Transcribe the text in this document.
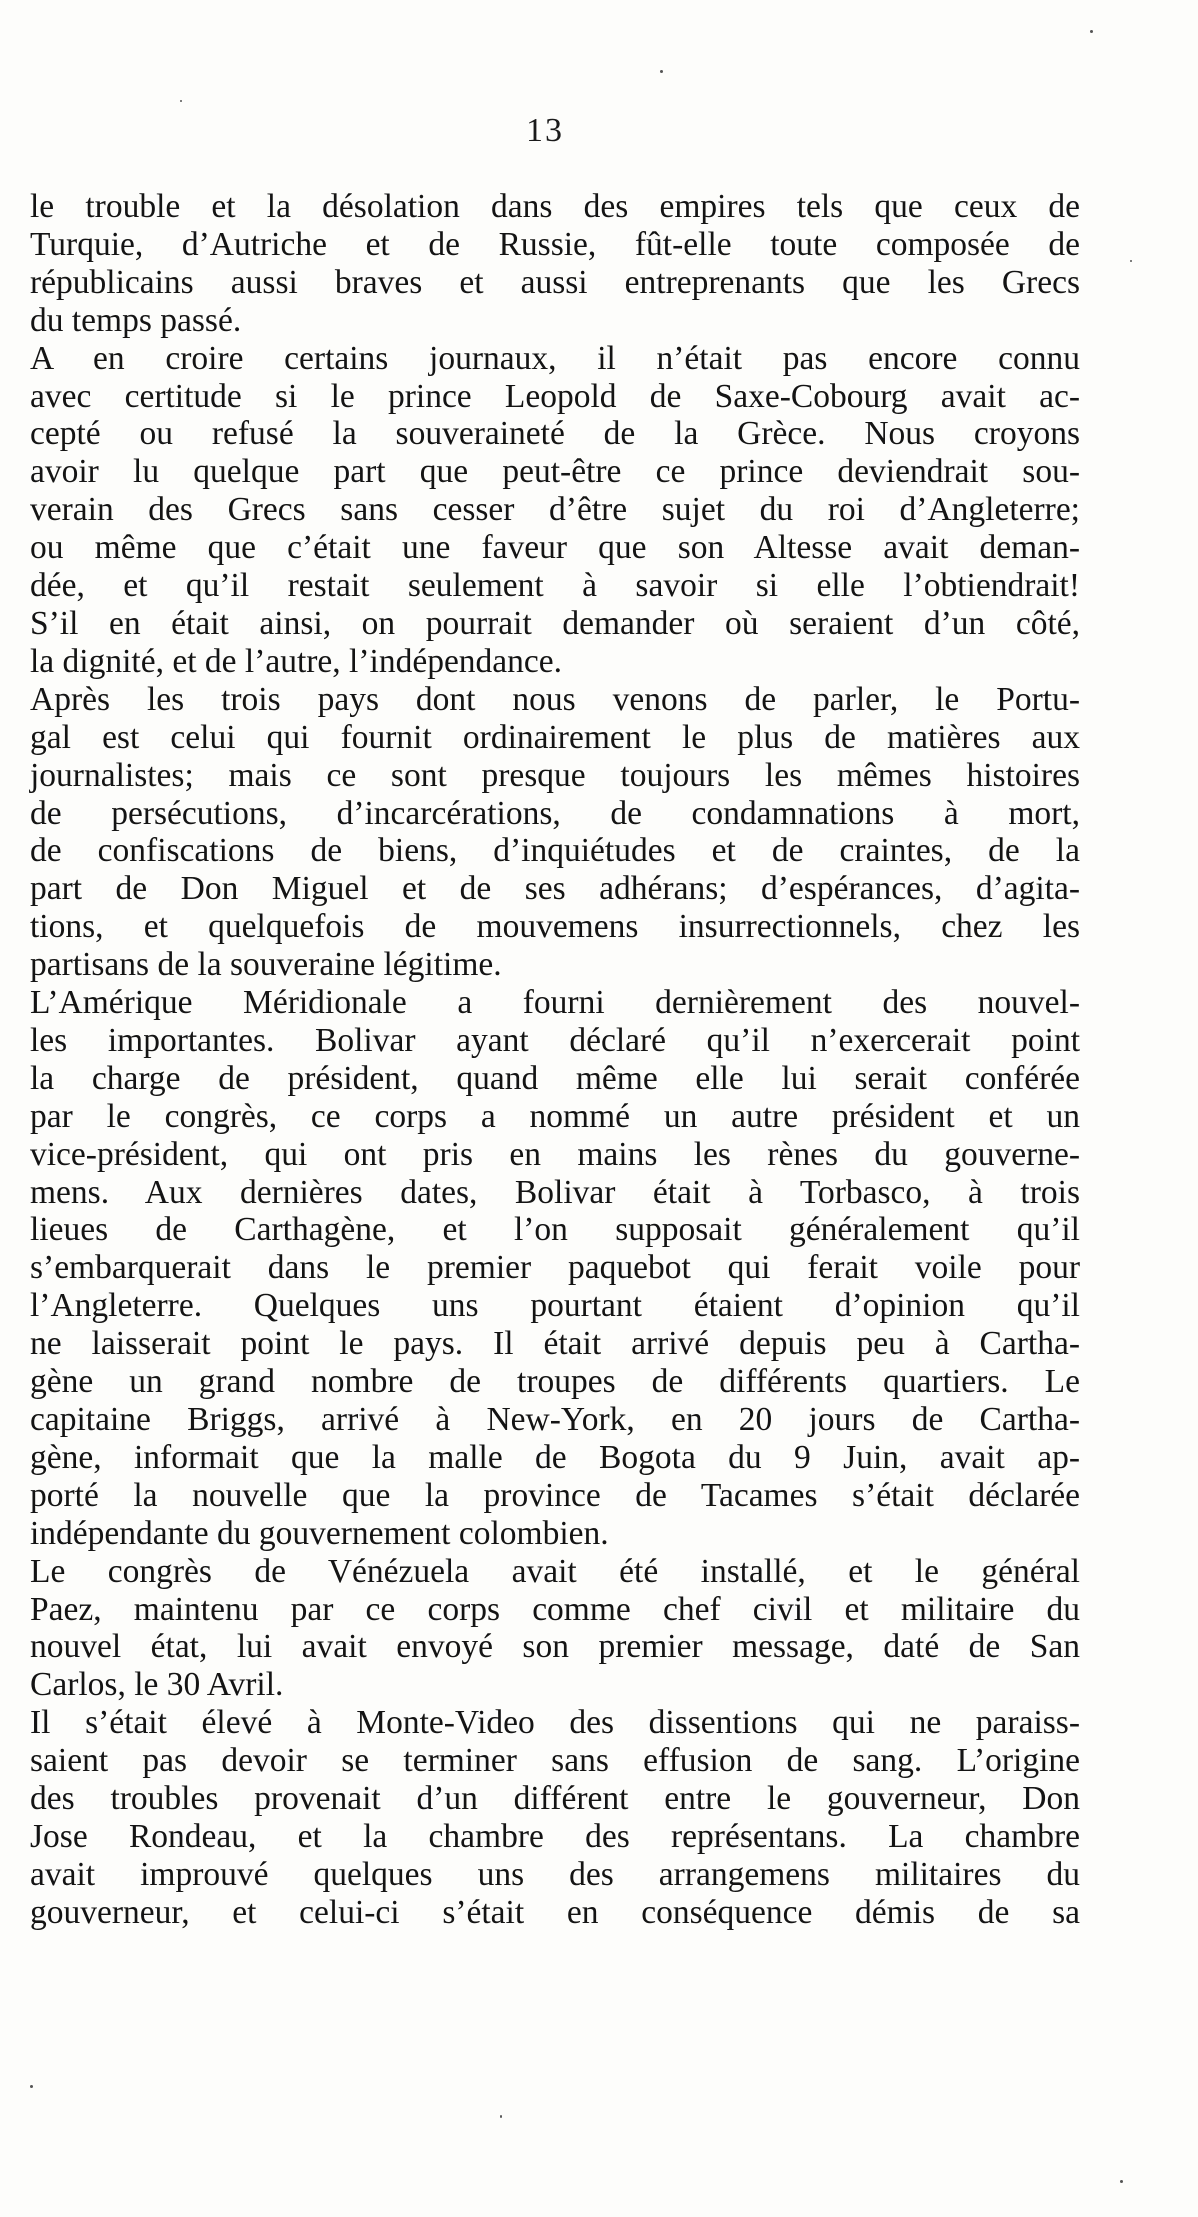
13
le trouble et la désolation dans des empires tels que ceux de
Turquie, d’Autriche et de Russie, fût-elle toute composée de
républicains aussi braves et aussi entreprenants que les Grecs
du temps passé.
A en croire certains journaux, il n’était pas encore connu
avec certitude si le prince Leopold de Saxe-Cobourg avait ac-
cepté ou refusé la souveraineté de la Grèce. Nous croyons
avoir lu quelque part que peut-être ce prince deviendrait sou-
verain des Grecs sans cesser d’être sujet du roi d’Angleterre;
ou même que c’était une faveur que son Altesse avait deman-
dée, et qu’il restait seulement à savoir si elle l’obtiendrait!
S’il en était ainsi, on pourrait demander où seraient d’un côté,
la dignité, et de l’autre, l’indépendance.
Après les trois pays dont nous venons de parler, le Portu-
gal est celui qui fournit ordinairement le plus de matières aux
journalistes; mais ce sont presque toujours les mêmes histoires
de persécutions, d’incarcérations, de condamnations à mort,
de confiscations de biens, d’inquiétudes et de craintes, de la
part de Don Miguel et de ses adhérans; d’espérances, d’agita-
tions, et quelquefois de mouvemens insurrectionnels, chez les
partisans de la souveraine légitime.
L’Amérique Méridionale a fourni dernièrement des nouvel-
les importantes. Bolivar ayant déclaré qu’il n’exercerait point
la charge de président, quand même elle lui serait conférée
par le congrès, ce corps a nommé un autre président et un
vice-président, qui ont pris en mains les rènes du gouverne-
mens. Aux dernières dates, Bolivar était à Torbasco, à trois
lieues de Carthagène, et l’on supposait généralement qu’il
s’embarquerait dans le premier paquebot qui ferait voile pour
l’Angleterre. Quelques uns pourtant étaient d’opinion qu’il
ne laisserait point le pays. Il était arrivé depuis peu à Cartha-
gène un grand nombre de troupes de différents quartiers. Le
capitaine Briggs, arrivé à New-York, en 20 jours de Cartha-
gène, informait que la malle de Bogota du 9 Juin, avait ap-
porté la nouvelle que la province de Tacames s’était déclarée
indépendante du gouvernement colombien.
Le congrès de Vénézuela avait été installé, et le général
Paez, maintenu par ce corps comme chef civil et militaire du
nouvel état, lui avait envoyé son premier message, daté de San
Carlos, le 30 Avril.
Il s’était élevé à Monte-Video des dissentions qui ne paraiss-
saient pas devoir se terminer sans effusion de sang. L’origine
des troubles provenait d’un différent entre le gouverneur, Don
Jose Rondeau, et la chambre des représentans. La chambre
avait improuvé quelques uns des arrangemens militaires du
gouverneur, et celui-ci s’était en conséquence démis de sa
